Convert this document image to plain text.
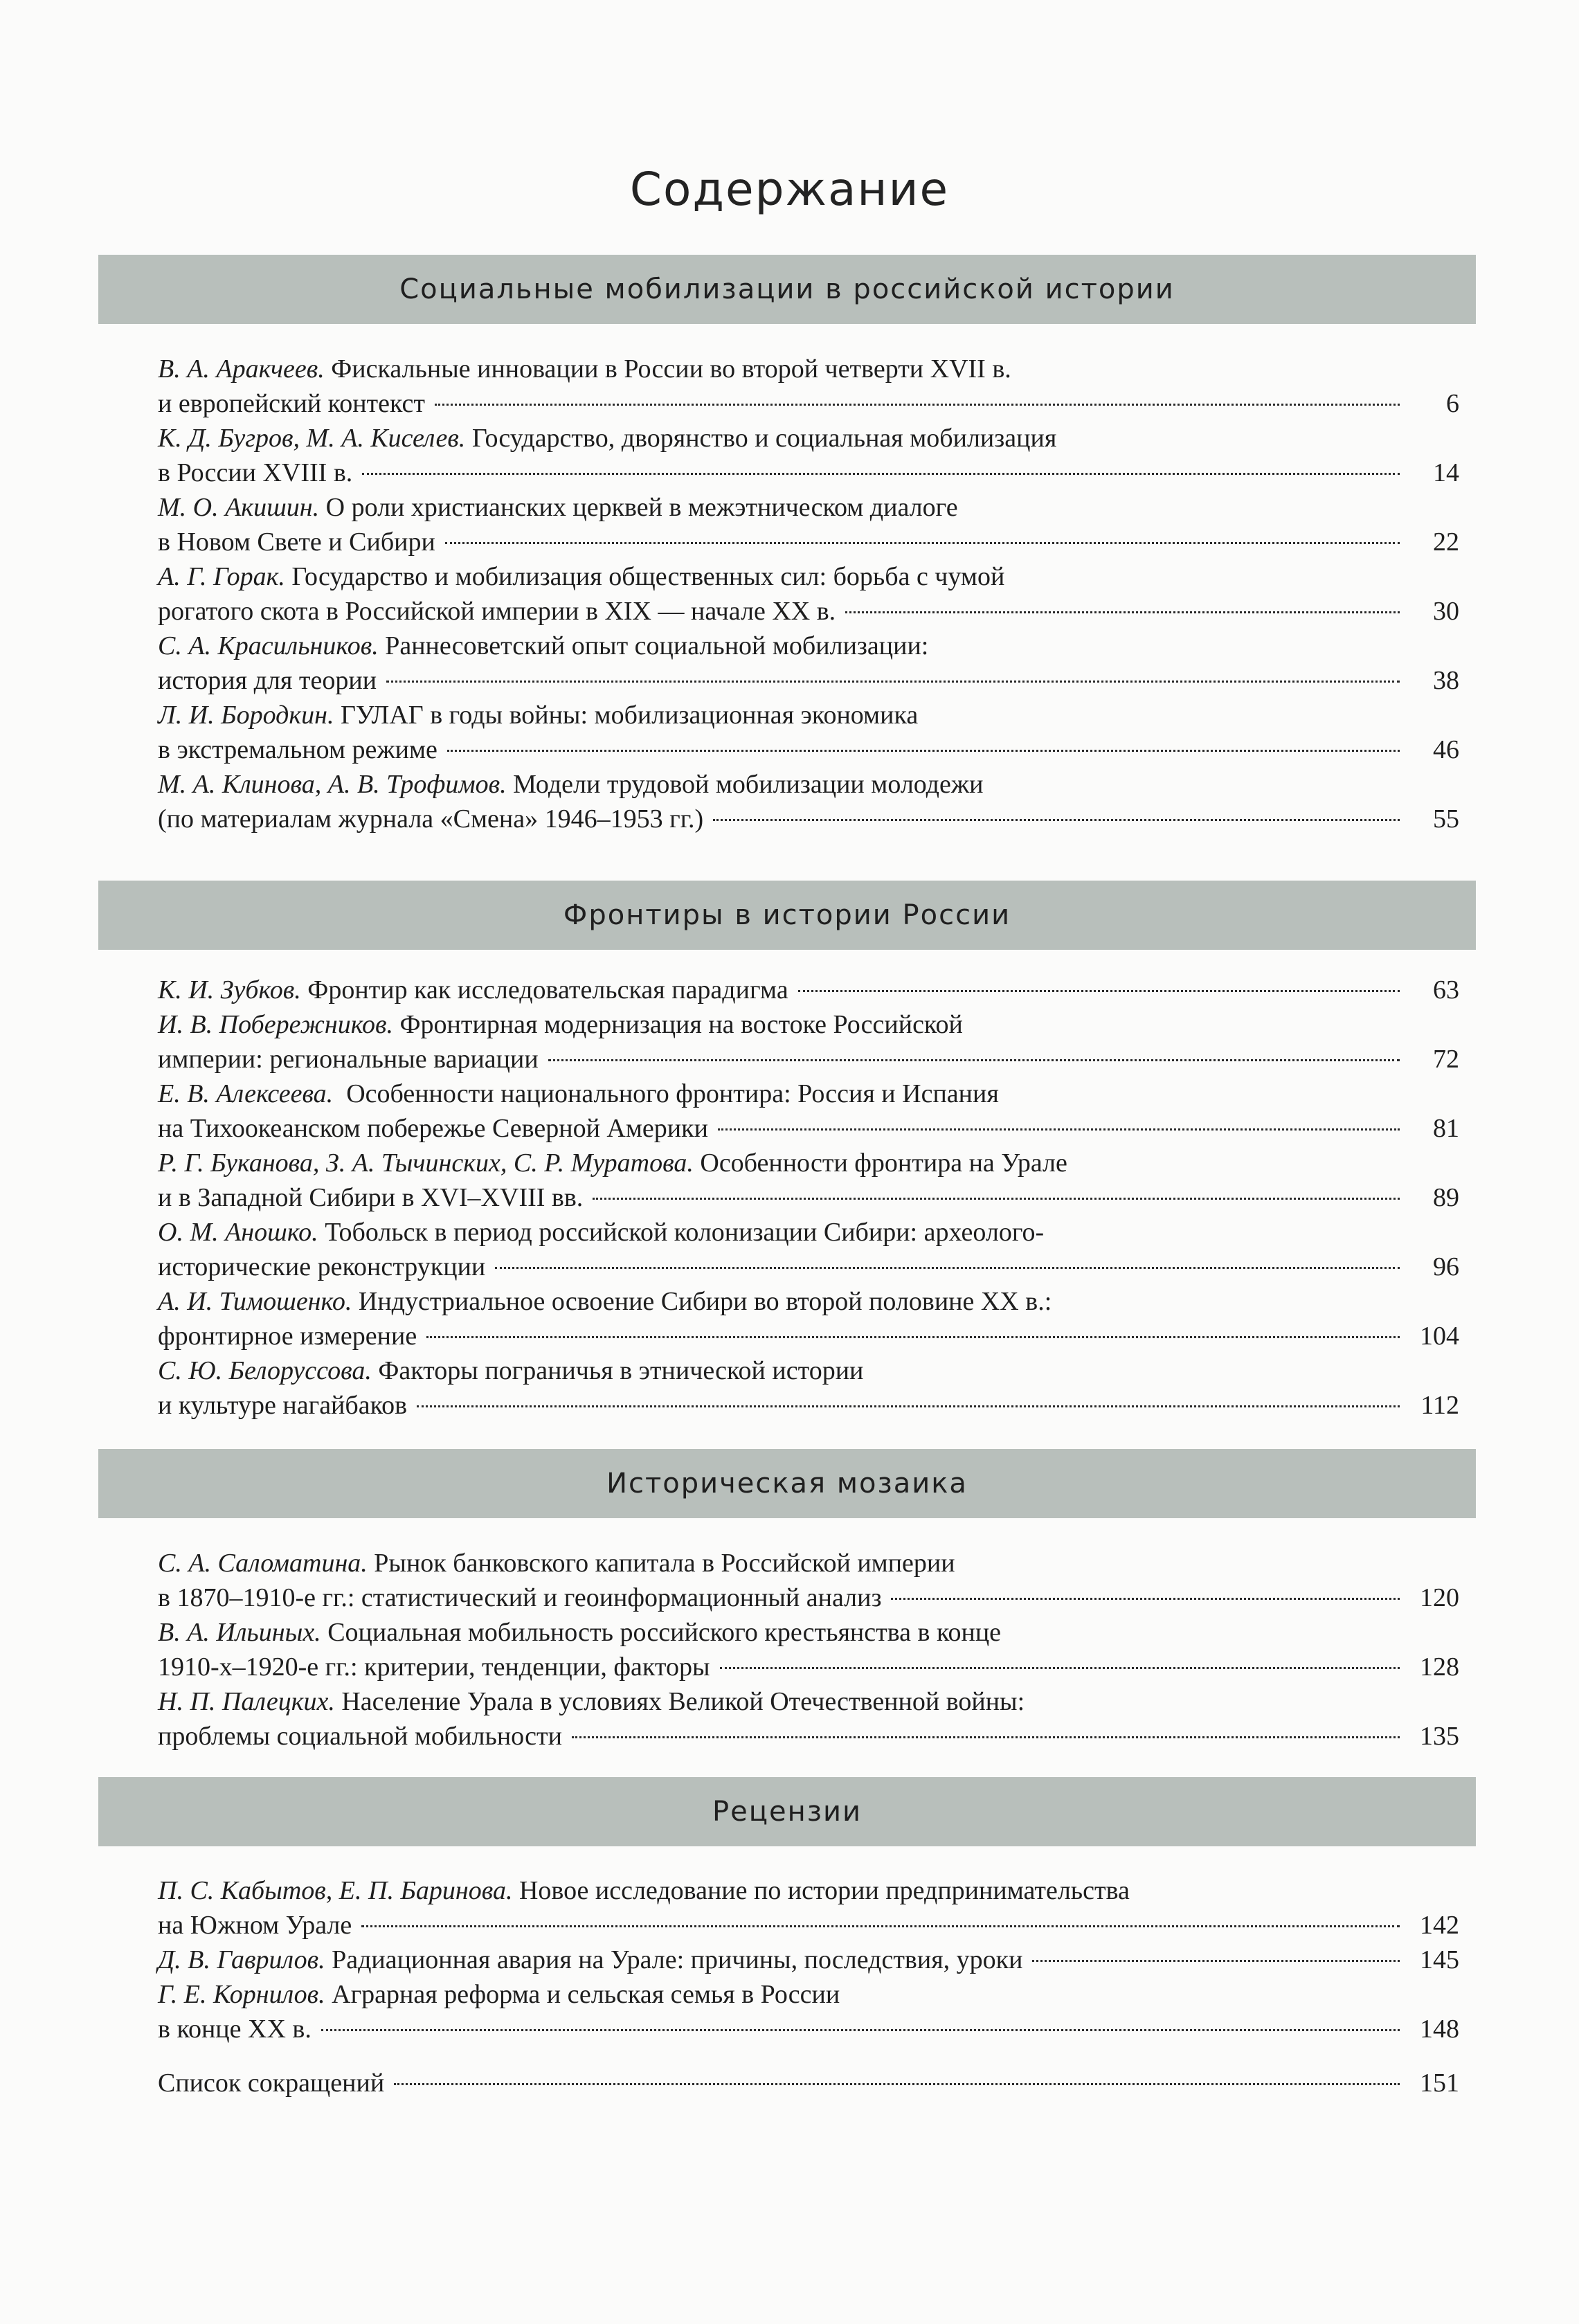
Содержание
Социальные мобилизации в российской истории
В. А. Аракчеев. Фискальные инновации в России во второй четверти XVII в.
и европейский контекст	6
К. Д. Бугров, М. А. Киселев. Государство, дворянство и социальная мобилизация
в России XVIII в.	14
М. О. Акишин. О роли христианских церквей в межэтническом диалоге
в Новом Свете и Сибири	22
А. Г. Горак. Государство и мобилизация общественных сил: борьба с чумой
рогатого скота в Российской империи в XIX — начале XX в.	30
С. А. Красильников. Раннесоветский опыт социальной мобилизации:
история для теории	38
Л. И. Бородкин. ГУЛАГ в годы войны: мобилизационная экономика
в экстремальном режиме	46
М. А. Клинова, А. В. Трофимов. Модели трудовой мобилизации молодежи
(по материалам журнала «Смена» 1946–1953 гг.)	55
Фронтиры в истории России
К. И. Зубков. Фронтир как исследовательская парадигма	63
И. В. Побережников. Фронтирная модернизация на востоке Российской
империи: региональные вариации	72
Е. В. Алексеева. Особенности национального фронтира: Россия и Испания
на Тихоокеанском побережье Северной Америки	81
Р. Г. Буканова, З. А. Тычинских, С. Р. Муратова. Особенности фронтира на Урале
и в Западной Сибири в XVI–XVIII вв.	89
О. М. Аношко. Тобольск в период российской колонизации Сибири: археолого-
исторические реконструкции	96
А. И. Тимошенко. Индустриальное освоение Сибири во второй половине XX в.:
фронтирное измерение	104
С. Ю. Белоруссова. Факторы пограничья в этнической истории
и культуре нагайбаков	112
Историческая мозаика
С. А. Саломатина. Рынок банковского капитала в Российской империи
в 1870–1910-е гг.: статистический и геоинформационный анализ	120
В. А. Ильиных. Социальная мобильность российского крестьянства в конце
1910-х–1920-е гг.: критерии, тенденции, факторы	128
Н. П. Палецких. Население Урала в условиях Великой Отечественной войны:
проблемы социальной мобильности	135
Рецензии
П. С. Кабытов, Е. П. Баринова. Новое исследование по истории предпринимательства
на Южном Урале	142
Д. В. Гаврилов. Радиационная авария на Урале: причины, последствия, уроки	145
Г. Е. Корнилов. Аграрная реформа и сельская семья в России
в конце XX в.	148
Список сокращений	151
